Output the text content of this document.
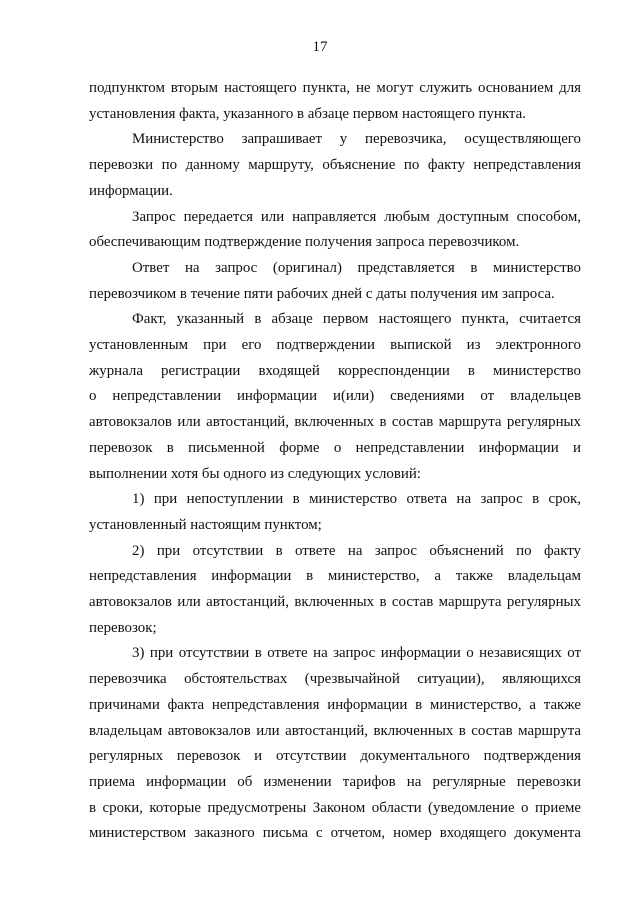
17

подпунктом вторым настоящего пункта, не могут служить основанием для

установления факта, указанного в абзаце первом настоящего пункта.

Министерство запрашивает у перевозчика, осуществляющего

перевозки по данному маршруту, объяснение по факту непредставления

информации.

Запрос передается или направляется любым доступным способом,

обеспечивающим подтверждение получения запроса перевозчиком.

Ответ на запрос (оригинал) представляется в министерство

перевозчиком в течение пяти рабочих дней с даты получения им запроса.

Факт, указанный в абзаце первом настоящего пункта, считается

установленным при его подтверждении выпиской из электронного

журнала регистрации входящей корреспонденции в министерство

о непредставлении информации и(или) сведениями от владельцев

автовокзалов или автостанций, включенных в состав маршрута регулярных

перевозок в письменной форме о непредставлении информации и

выполнении хотя бы одного из следующих условий:

1) при непоступлении в министерство ответа на запрос в срок,

установленный настоящим пунктом;

2) при отсутствии в ответе на запрос объяснений по факту

непредставления информации в министерство, а также владельцам

автовокзалов или автостанций, включенных в состав маршрута регулярных

перевозок;

3) при отсутствии в ответе на запрос информации о независящих от

перевозчика обстоятельствах (чрезвычайной ситуации), являющихся

причинами факта непредставления информации в министерство, а также

владельцам автовокзалов или автостанций, включенных в состав маршрута

регулярных перевозок и отсутствии документального подтверждения

приема информации об изменении тарифов на регулярные перевозки

в сроки, которые предусмотрены Законом области (уведомление о приеме

министерством заказного письма с отчетом, номер входящего документа
